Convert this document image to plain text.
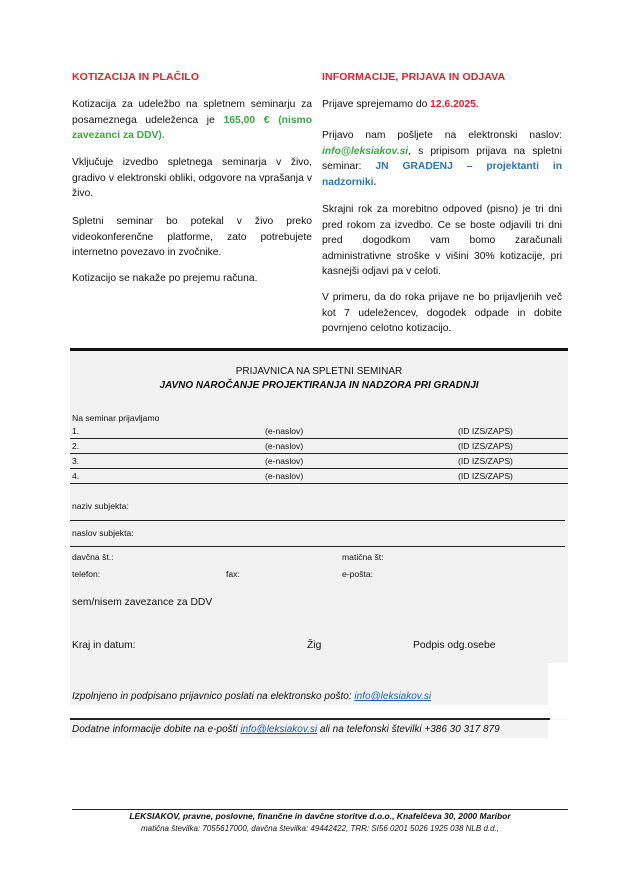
KOTIZACIJA IN PLAČILO
Kotizacija za udeležbo na spletnem seminarju za posameznega udeleženca je 165,00 € (nismo zavezanci za DDV).
Vključuje izvedbo spletnega seminarja v živo, gradivo v elektronski obliki, odgovore na vprašanja v živo.
Spletni seminar bo potekal v živo preko videokonferenčne platforme, zato potrebujete internetno povezavo in zvočnike.
Kotizacijo se nakaže po prejemu računa.
INFORMACIJE, PRIJAVA IN ODJAVA
Prijave sprejemamo do 12.6.2025.
Prijavo nam pošljete na elektronski naslov: info@leksiakov.si, s pripisom prijava na spletni seminar: JN GRADENJ – projektanti in nadzorniki.
Skrajni rok za morebitno odpoved (pisno) je tri dni pred rokom za izvedbo. Ce se boste odjavili tri dni pred dogodkom vam bomo zaračunali administrativne stroške v višini 30% kotizacije, pri kasnejši odjavi pa v celoti.
V primeru, da do roka prijave ne bo prijavljenih več kot 7 udeležencev, dogodek odpade in dobite povrnjeno celotno kotizacijo.
PRIJAVNICA NA SPLETNI SEMINAR
JAVNO NAROČANJE PROJEKTIRANJA IN NADZORA PRI GRADNJI
Na seminar prijavljamo
1.	(e-naslov)	(ID IZS/ZAPS)
2.	(e-naslov)	(ID IZS/ZAPS)
3.	(e-naslov)	(ID IZS/ZAPS)
4.	(e-naslov)	(ID IZS/ZAPS)
naziv subjekta:
naslov subjekta:
davčna št.:	matična št:
telefon:	fax:	e-pošta:
sem/nisem zavezance za DDV
Kraj in datum:	Žig	Podpis odg.osebe
Izpolnjeno in podpisano prijavnico poslati na elektronsko pošto: info@leksiakov.si
Dodatne informacije dobite na e-pošti info@leksiakov.si ali na telefonski številki +386 30 317 879
LEKSIAKOV, pravne, poslovne, finančne in davčne storitve d.o.o., Knafelčeva 30, 2000 Maribor
matična številka: 7055617000, davčna številka: 49442422, TRR: SI56 0201 5026 1925 038 NLB d.d.,
